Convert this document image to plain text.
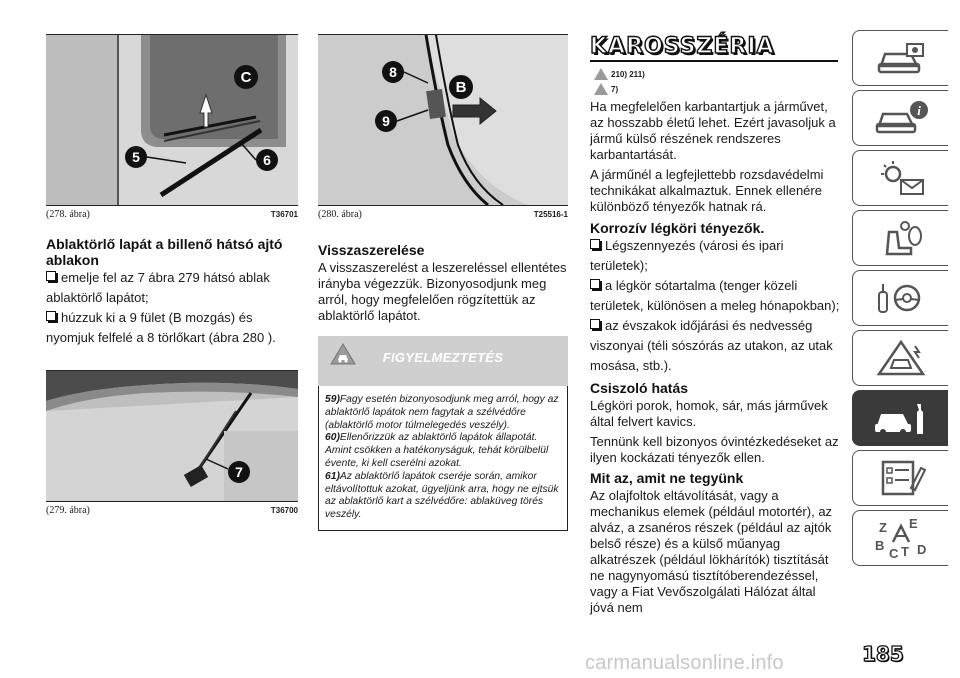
C
5	6
(278. ábra)	T36701
Ablaktörlő lapát a billenő hátsó ajtó ablakon
emelje fel az 7 ábra 279 hátsó ablak ablaktörlő lapátot;
húzzuk ki a 9 fület (B mozgás) és nyomjuk felfelé a 8 törlőkart (ábra 280 ).
7
(279. ábra)	T36700
B
8
9
(280. ábra)	T25516-1
Visszaszerelése

A visszaszerelést a leszereléssel ellentétes irányba végezzük. Bizonyosodjunk meg arról, hogy megfelelően rögzítettük az ablaktörlő lapátot.

FIGYELMEZTETÉS
59)Fagy esetén bizonyosodjunk meg arról, hogy az ablaktörlő lapátok nem fagytak a szélvédőre (ablaktörlő motor túlmelegedés veszély).
60)Ellenőrizzük az ablaktörlő lapátok állapotát. Amint csökken a hatékonyságuk, tehát körülbelül évente, ki kell cserélni azokat.
61)Az ablaktörlő lapátok cseréje során, amikor eltávolítottuk azokat, ügyeljünk arra, hogy ne ejtsük az ablaktörlő kart a szélvédőre: ablaküveg törés veszély.
KAROSSZÉRIA
210) 211)
7)

Ha megfelelően karbantartjuk a járművet, az hosszabb életű lehet. Ezért javasoljuk a jármű külső részének rendszeres karbantartását.

A járműnél a legfejlettebb rozsdavédelmi technikákat alkalmaztuk. Ennek ellenére különböző tényezők hatnak rá.

Korrozív légköri tényezők.
Légszennyezés (városi és ipari területek);
a légkör sótartalma (tenger közeli területek, különösen a meleg hónapokban);
az évszakok időjárási és nedvesség viszonyai (téli sószórás az utakon, az utak mosása, stb.).
Csiszoló hatás

Légköri porok, homok, sár, más járművek által felvert kavics.

Tennünk kell bizonyos óvintézkedéseket az ilyen kockázati tényezők ellen.

Mit az, amit ne tegyünk

Az olajfoltok eltávolítását, vagy a mechanikus elemek (például motortér), az alváz, a zsanéros részek (például az ajtók belső része) és a külső műanyag alkatrészek (például lökhárítók) tisztítását ne nagynyomású tisztítóberendezéssel, vagy a Fiat Vevőszolgálati Hálózat által jóvá nem

i
Z E
B
C T D
185
carmanualsonline.info
